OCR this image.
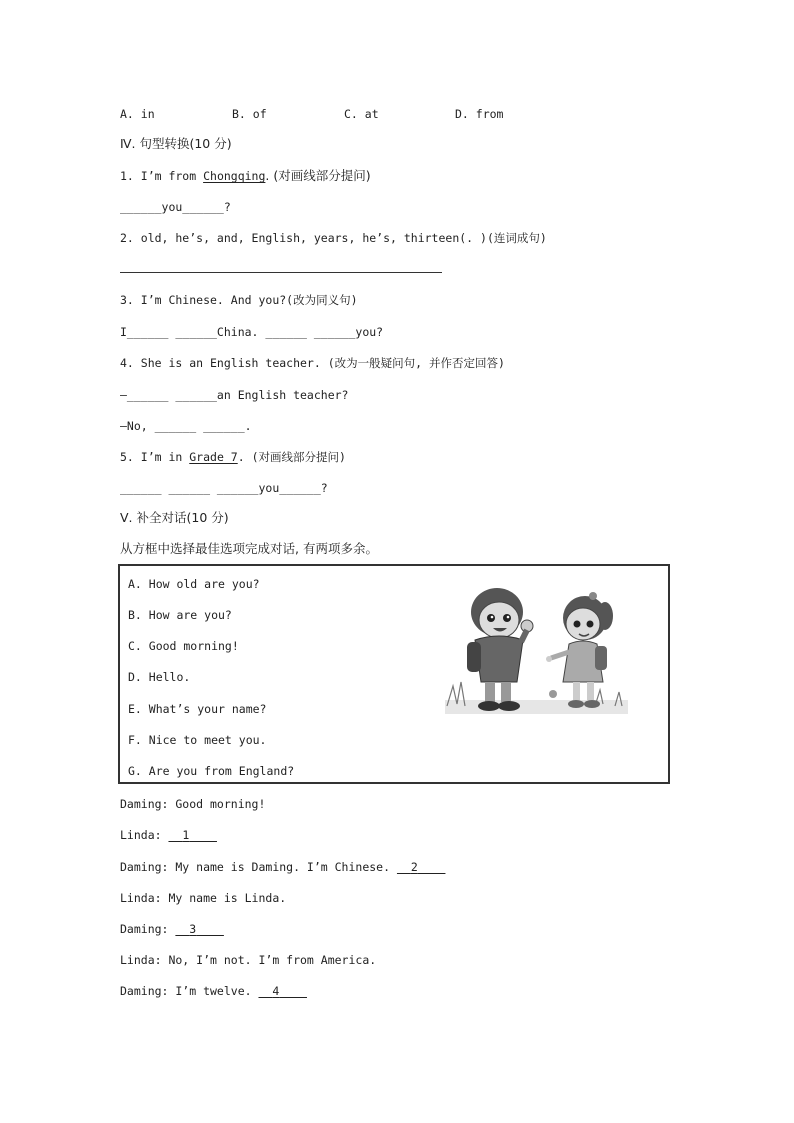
A. in	B. of	C. at	D. from
Ⅳ. 句型转换(10 分)
1. I’m from Chongqing. (对画线部分提问)
______you______?
2. old, he’s, and, English, years, he’s, thirteen(. )(连词成句)
3. I’m Chinese. And you?(改为同义句)
I______ ______China. ______ ______you?
4. She is an English teacher. (改为一般疑问句, 并作否定回答)
—______ ______an English teacher?
—No, ______ ______.
5. I’m in Grade 7. (对画线部分提问)
______ ______ ______you______?
Ⅴ. 补全对话(10 分)
从方框中选择最佳选项完成对话, 有两项多余。
A. How old are you?
B. How are you?
C. Good morning!
D. Hello.
E. What’s your name?
F. Nice to meet you.
G. Are you from England?
Daming: Good morning!
Linda:   1
Daming: My name is Daming. I’m Chinese.   2
Linda: My name is Linda.
Daming:   3
Linda: No, I’m not. I’m from America.
Daming: I’m twelve.   4
